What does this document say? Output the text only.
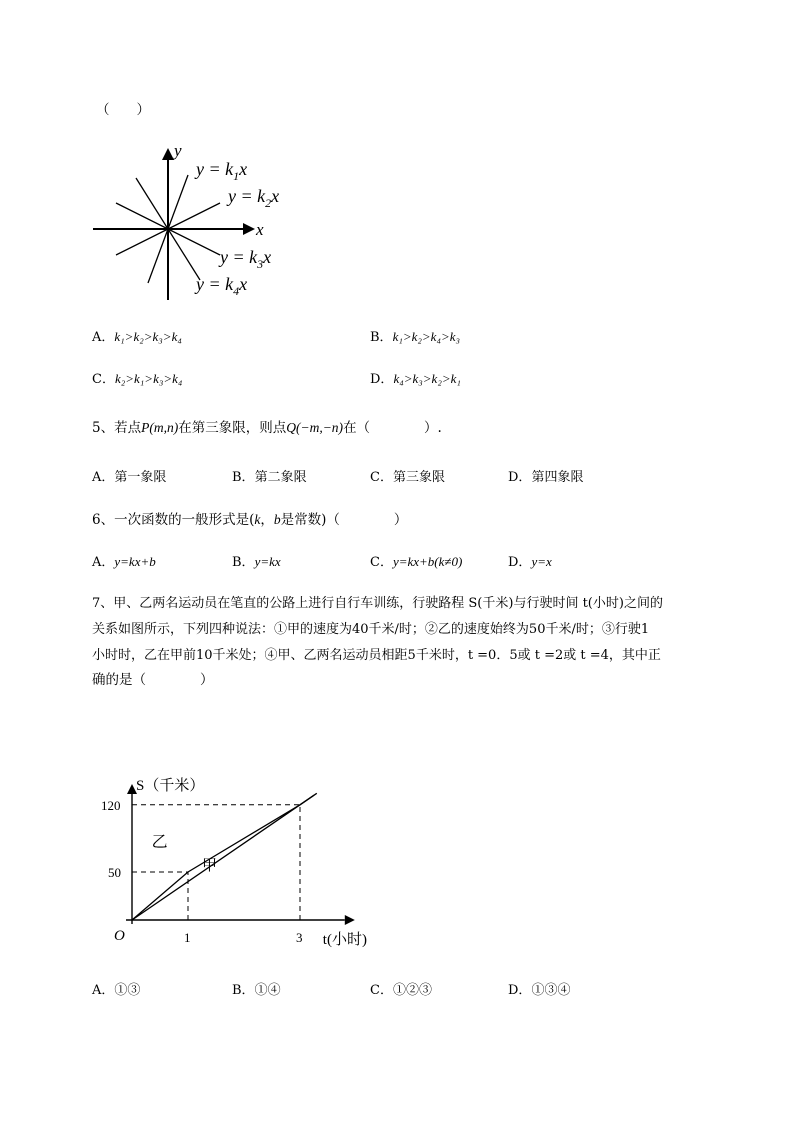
（　　）
x
y
$y = k_1x$
$y = k_2x$
$y = k_3x$
$y = k_4x$
A．k₁>k₂>k₃>k₄	B．k₁>k₂>k₄>k₃
C．k₂>k₁>k₃>k₄	D．k₄>k₃>k₂>k₁
5、若点P(m,n)在第三象限，则点Q(−m,−n)在（　　　　）.
A．第一象限	B．第二象限	C．第三象限	D．第四象限
6、一次函数的一般形式是(k，b是常数)（　　　　）
A．y=kx+b	B．y=kx	C．y=kx+b(k≠0)	D．y=x
7、甲、乙两名运动员在笔直的公路上进行自行车训练，行驶路程 S(千米)与行驶时间 t(小时)之间的
关系如图所示，下列四种说法：①甲的速度为40千米/时；②乙的速度始终为50千米/时；③行驶1
小时时，乙在甲前10千米处；④甲、乙两名运动员相距5千米时，t =0．5或 t =2或 t =4，其中正
确的是（　　　　）
S（千米）
t(小时)
O	1	3
50
120
乙
甲
A．①③	B．①④	C．①②③	D．①③④
